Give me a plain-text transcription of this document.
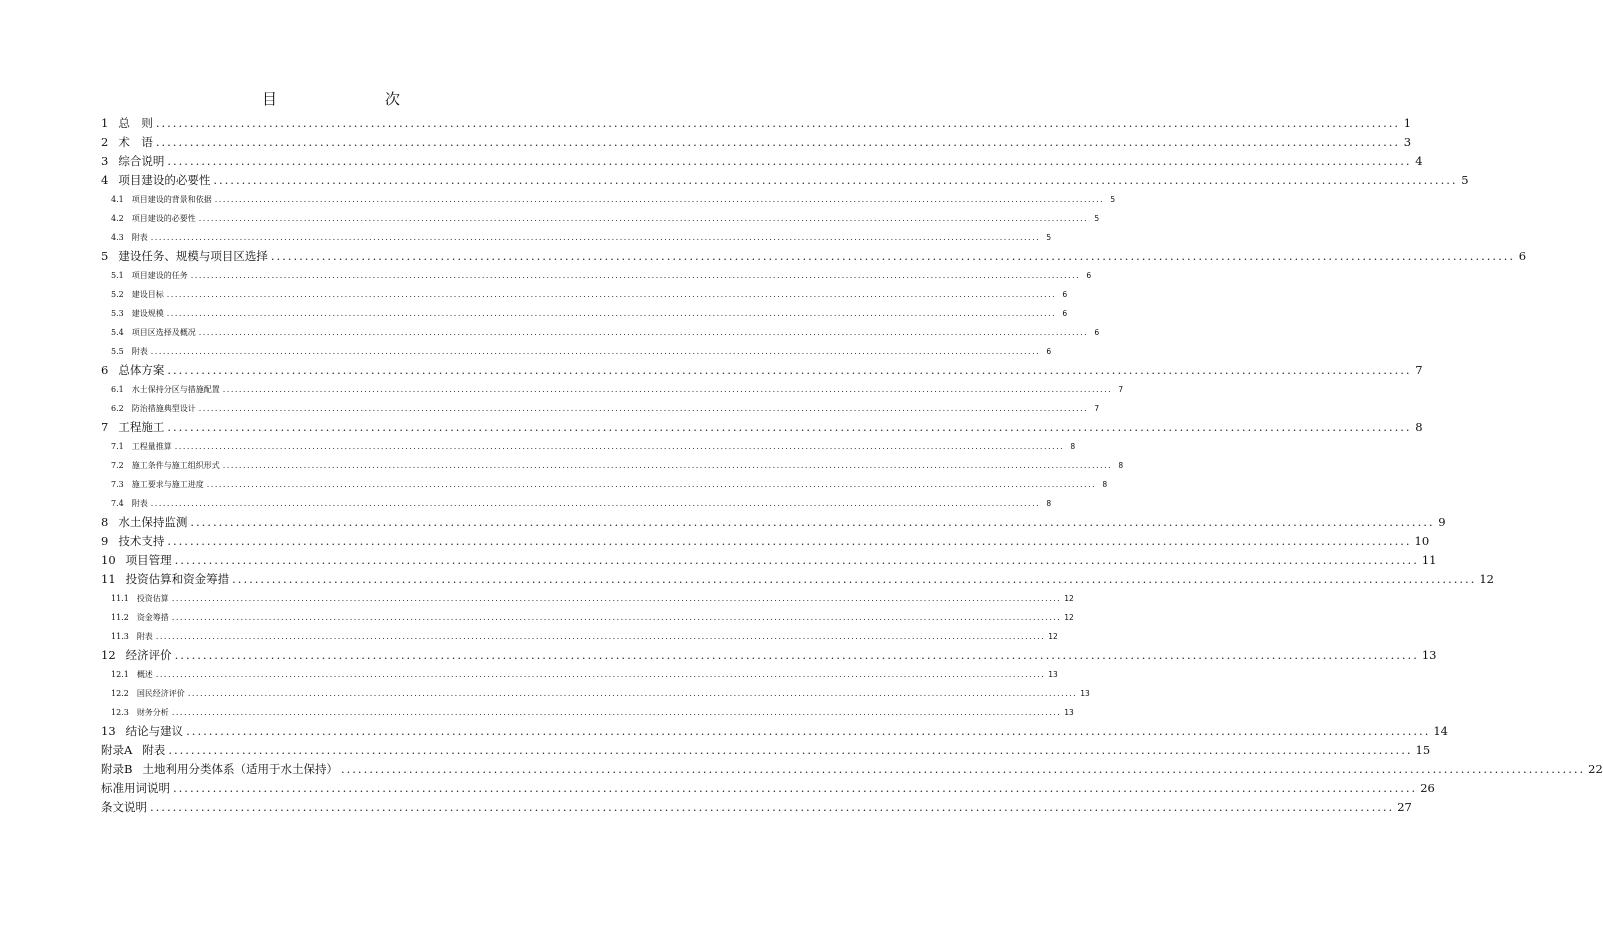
目　　次
1 总　则 ............................................................................................................................................................................................................................ 1
2 术　语 ............................................................................................................................................................................................................................ 3
3 综合说明 ............................................................................................................................................................................................................................ 4
4 项目建设的必要性 ............................................................................................................................................................................................................................ 5
4.1 项目建设的背景和依据 ............................................................................................................................................................................................................................ 5
4.2 项目建设的必要性 ............................................................................................................................................................................................................................ 5
4.3 附表 ............................................................................................................................................................................................................................ 5
5 建设任务、规模与项目区选择 ............................................................................................................................................................................................................................ 6
5.1 项目建设的任务 ............................................................................................................................................................................................................................ 6
5.2 建设目标 ............................................................................................................................................................................................................................ 6
5.3 建设规模 ............................................................................................................................................................................................................................ 6
5.4 项目区选择及概况 ............................................................................................................................................................................................................................ 6
5.5 附表 ............................................................................................................................................................................................................................ 6
6 总体方案 ............................................................................................................................................................................................................................ 7
6.1 水土保持分区与措施配置 ............................................................................................................................................................................................................................ 7
6.2 防治措施典型设计 ............................................................................................................................................................................................................................ 7
7 工程施工 ............................................................................................................................................................................................................................ 8
7.1 工程量推算 ............................................................................................................................................................................................................................ 8
7.2 施工条件与施工组织形式 ............................................................................................................................................................................................................................ 8
7.3 施工要求与施工进度 ............................................................................................................................................................................................................................ 8
7.4 附表 ............................................................................................................................................................................................................................ 8
8 水土保持监测 ............................................................................................................................................................................................................................ 9
9 技术支持 ............................................................................................................................................................................................................................ 10
10 项目管理 ............................................................................................................................................................................................................................ 11
11 投资估算和资金筹措 ............................................................................................................................................................................................................................ 12
11.1 投资估算 ............................................................................................................................................................................................................................ 12
11.2 资金筹措 ............................................................................................................................................................................................................................ 12
11.3 附表 ............................................................................................................................................................................................................................ 12
12 经济评价 ............................................................................................................................................................................................................................ 13
12.1 概述 ............................................................................................................................................................................................................................ 13
12.2 国民经济评价 ............................................................................................................................................................................................................................ 13
12.3 财务分析 ............................................................................................................................................................................................................................ 13
13 结论与建议 ............................................................................................................................................................................................................................ 14
附录A 附表 ............................................................................................................................................................................................................................ 15
附录B 土地利用分类体系（适用于水土保持） ............................................................................................................................................................................................................................ 22
标准用词说明 ............................................................................................................................................................................................................................ 26
条文说明 ............................................................................................................................................................................................................................ 27
